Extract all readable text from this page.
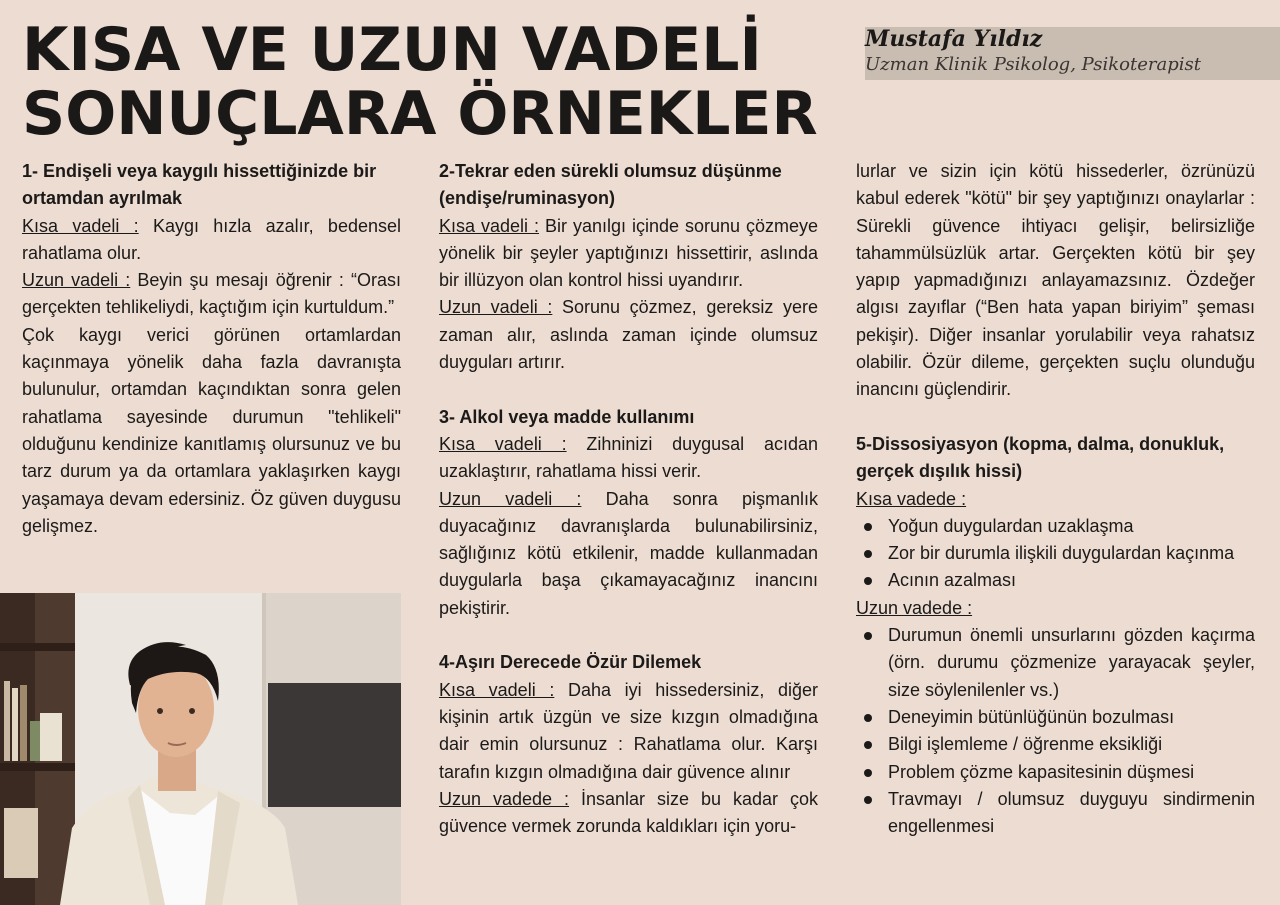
KISA VE UZUN VADELİ
SONUÇLARA ÖRNEKLER
Mustafa Yıldız
Uzman Klinik Psikolog, Psikoterapist
1- Endişeli veya kaygılı hissettiğinizde bir ortamdan ayrılmak

Kısa vadeli : Kaygı hızla azalır, bedensel rahatlama olur.

Uzun vadeli : Beyin şu mesajı öğrenir : “Orası gerçekten tehlikeliydi, kaçtığım için kurtuldum.”

Çok kaygı verici görünen ortamlardan kaçınmaya yönelik daha fazla davranışta bulunulur, ortamdan kaçındıktan sonra gelen rahatlama sayesinde durumun "tehlikeli" olduğunu kendinize kanıtlamış olursunuz ve bu tarz durum ya da ortamlara yaklaşırken kaygı yaşamaya devam edersiniz. Öz güven duygusu gelişmez.

2-Tekrar eden sürekli olumsuz düşünme (endişe/ruminasyon)

Kısa vadeli : Bir yanılgı içinde sorunu çözmeye yönelik bir şeyler yaptığınızı hissettirir, aslında bir illüzyon olan kontrol hissi uyandırır.

Uzun vadeli : Sorunu çözmez, gereksiz yere zaman alır, aslında zaman içinde olumsuz duyguları artırır.

3- Alkol veya madde kullanımı

Kısa vadeli : Zihninizi duygusal acıdan uzaklaştırır, rahatlama hissi verir.

Uzun vadeli : Daha sonra pişmanlık duyacağınız davranışlarda bulunabilirsiniz, sağlığınız kötü etkilenir, madde kullanmadan duygularla başa çıkamayacağınız inancını pekiştirir.

4-Aşırı Derecede Özür Dilemek

Kısa vadeli : Daha iyi hissedersiniz, diğer kişinin artık üzgün ve size kızgın olmadığına dair emin olursunuz : Rahatlama olur. Karşı tarafın kızgın olmadığına dair güvence alınır

Uzun vadede : İnsanlar size bu kadar çok güvence vermek zorunda kaldıkları için yoru-

lurlar ve sizin için kötü hissederler, özrünüzü kabul ederek "kötü" bir şey yaptığınızı onaylarlar : Sürekli güvence ihtiyacı gelişir, belirsizliğe tahammülsüzlük artar. Gerçekten kötü bir şey yapıp yapmadığınızı anlayamazsınız. Özdeğer algısı zayıflar (“Ben hata yapan biriyim” şeması pekişir). Diğer insanlar yorulabilir veya rahatsız olabilir. Özür dileme, gerçekten suçlu olunduğu inancını güçlendirir.

5-Dissosiyasyon (kopma, dalma, donukluk, gerçek dışılık hissi)

Kısa vadede :

Yoğun duygulardan uzaklaşma
Zor bir durumla ilişkili duygulardan kaçınma
Acının azalması

Uzun vadede :

Durumun önemli unsurlarını gözden kaçırma (örn. durumu çözmenize yarayacak şeyler, size söylenilenler vs.)
Deneyimin bütünlüğünün bozulması
Bilgi işlemleme / öğrenme eksikliği
Problem çözme kapasitesinin düşmesi
Travmayı / olumsuz duyguyu sindirmenin engellenmesi
